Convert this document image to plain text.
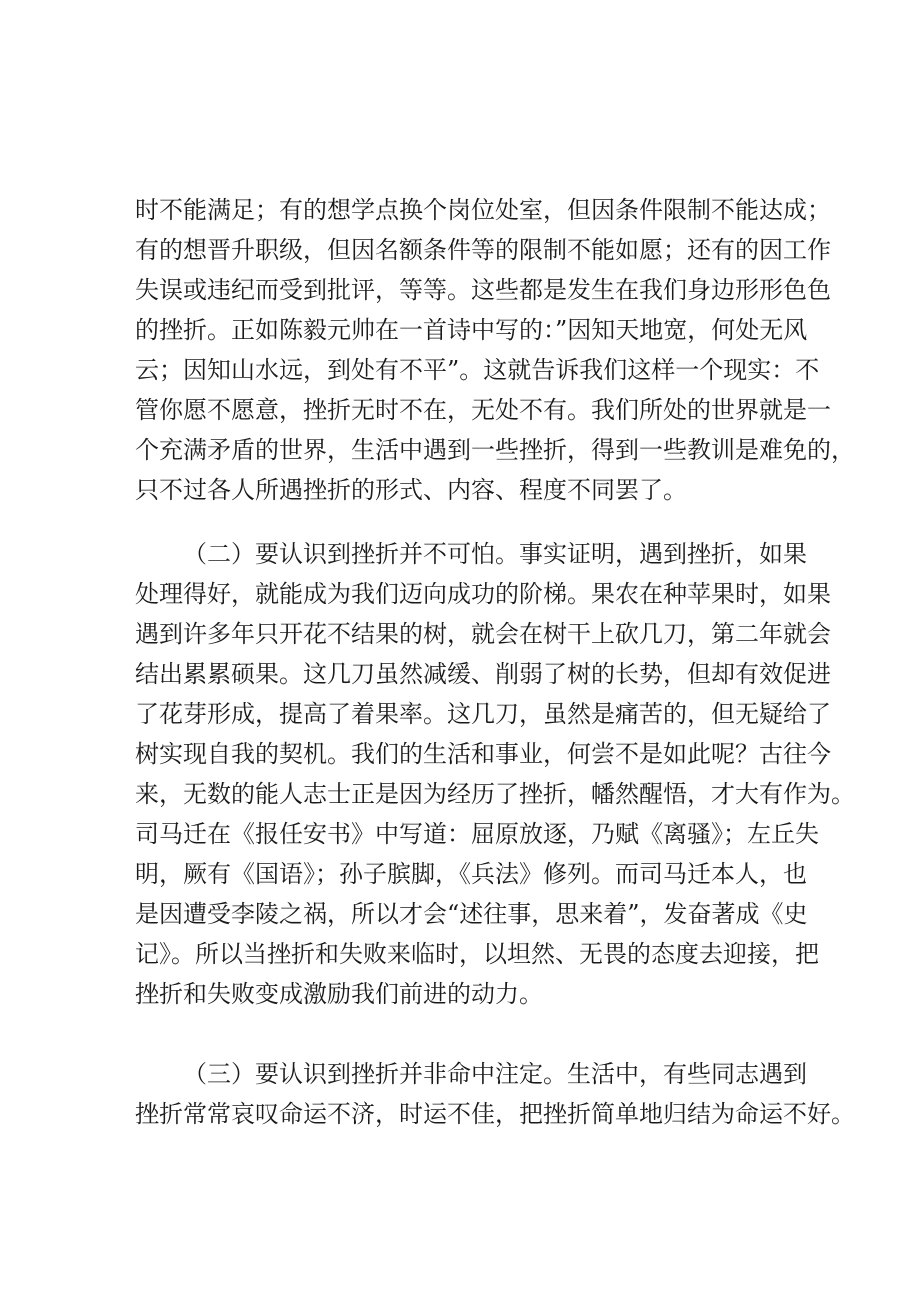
时不能满足；有的想学点换个岗位处室，但因条件限制不能达成；
有的想晋升职级，但因名额条件等的限制不能如愿；还有的因工作
失误或违纪而受到批评，等等。这些都是发生在我们身边形形色色
的挫折。正如陈毅元帅在一首诗中写的：”因知天地宽，何处无风
云；因知山水远，到处有不平”。这就告诉我们这样一个现实：不
管你愿不愿意，挫折无时不在，无处不有。我们所处的世界就是一
个充满矛盾的世界，生活中遇到一些挫折，得到一些教训是难免的，
只不过各人所遇挫折的形式、内容、程度不同罢了。
（二）要认识到挫折并不可怕。事实证明，遇到挫折，如果
处理得好，就能成为我们迈向成功的阶梯。果农在种苹果时，如果
遇到许多年只开花不结果的树，就会在树干上砍几刀，第二年就会
结出累累硕果。这几刀虽然减缓、削弱了树的长势，但却有效促进
了花芽形成，提高了着果率。这几刀，虽然是痛苦的，但无疑给了
树实现自我的契机。我们的生活和事业，何尝不是如此呢？古往今
来，无数的能人志士正是因为经历了挫折，幡然醒悟，才大有作为。
司马迁在《报任安书》中写道：屈原放逐，乃赋《离骚》；左丘失
明，厥有《国语》；孙子膑脚，《兵法》修列。而司马迁本人，也
是因遭受李陵之祸，所以才会“述往事，思来着”，发奋著成《史
记》。所以当挫折和失败来临时，以坦然、无畏的态度去迎接，把
挫折和失败变成激励我们前进的动力。
（三）要认识到挫折并非命中注定。生活中，有些同志遇到
挫折常常哀叹命运不济，时运不佳，把挫折简单地归结为命运不好。
